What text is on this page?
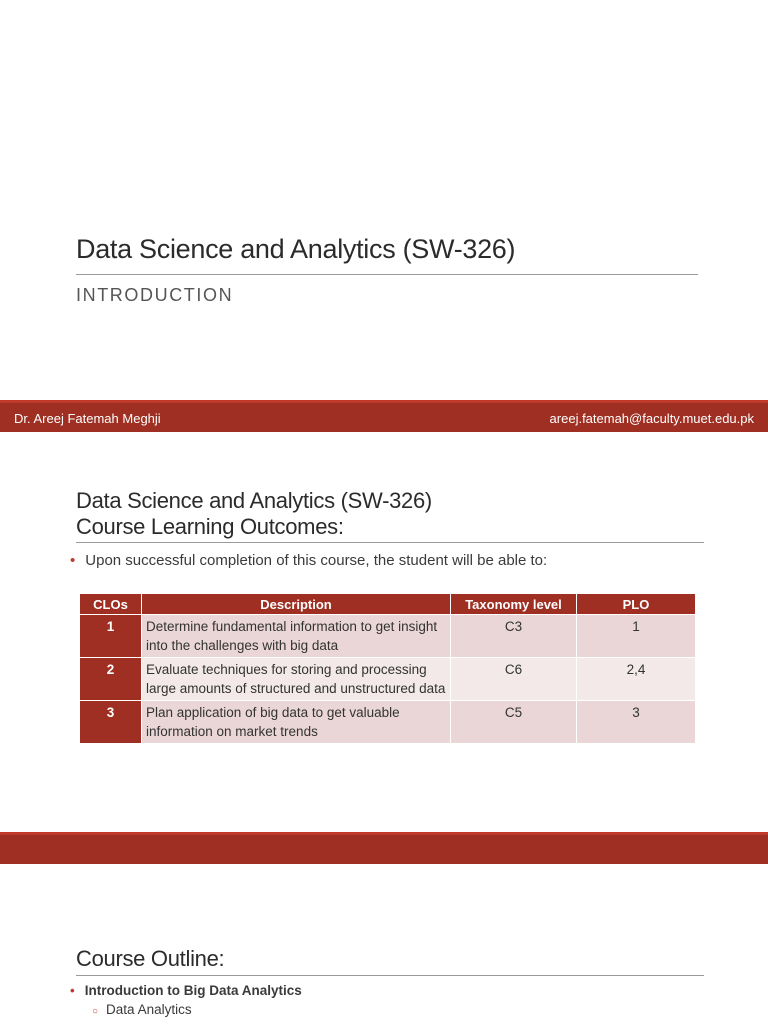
Data Science and Analytics (SW-326)
INTRODUCTION
Dr. Areej Fatemah Meghji	areej.fatemah@faculty.muet.edu.pk
Data Science and Analytics (SW-326)
Course Learning Outcomes:
• Upon successful completion of this course, the student will be able to:
CLOs	Description	Taxonomy level	PLO
1	Determine fundamental information to get insight into the challenges with big data	C3	1
2	Evaluate techniques for storing and processing large amounts of structured and unstructured data	C6	2,4
3	Plan application of big data to get valuable information on market trends	C5	3
Course Outline:
• Introduction to Big Data Analytics
○ Data Analytics
